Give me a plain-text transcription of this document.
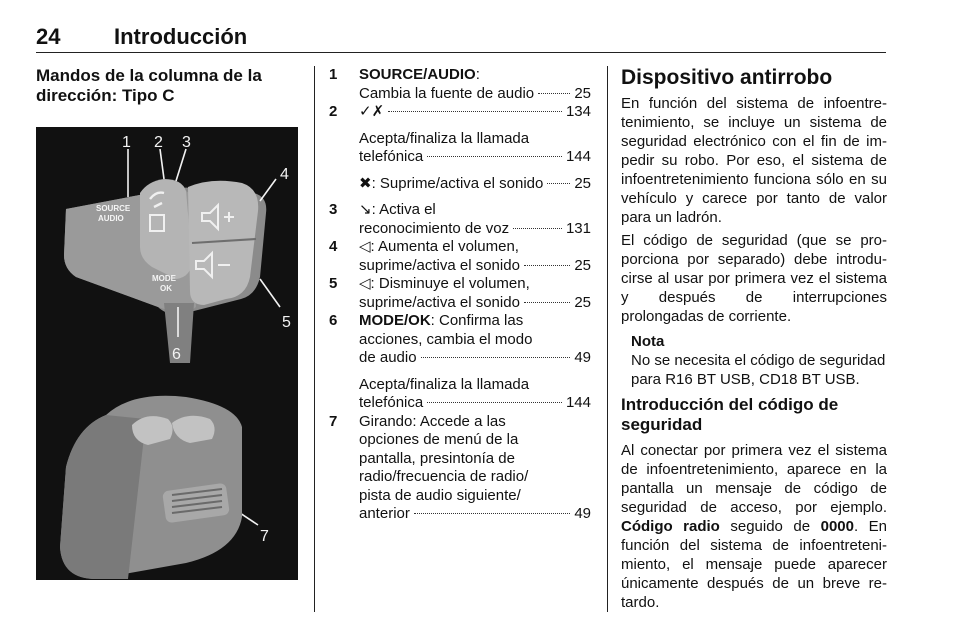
24 Introducción
Mandos de la columna de la dirección: Tipo C
SOURCE
AUDIO
MODE
OK
1 2 3
4
5
6
7
1	SOURCE/AUDIO:
Cambia la fuente de audio	25
2	✓✗	134
Acepta/finaliza la llamada
telefónica	144
✖: Suprime/activa el sonido 25
3	↘: Activa el
reconocimiento de voz	131
4	◁: Aumenta el volumen,
suprime/activa el sonido	25
5	◁: Disminuye el volumen,
suprime/activa el sonido	25
6	MODE/OK: Confirma las
acciones, cambia el modo
de audio	49
Acepta/finaliza la llamada
telefónica	144
7	Girando: Accede a las
opciones de menú de la
pantalla, presintonía de
radio/frecuencia de radio/
pista de audio siguiente/
anterior	49
Dispositivo antirrobo

En función del sistema de infoentretenimiento, se incluye un sistema de seguridad electrónico con el fin de impedir su robo. Por eso, el sistema de infoentretenimiento funciona sólo en su vehículo y carece por tanto de valor para un ladrón.

El código de seguridad (que se proporciona por separado) debe introducirse al usar por primera vez el sistema y después de interrupciones prolongadas de corriente.

Nota
No se necesita el código de seguridad para R16 BT USB, CD18 BT USB.
Introducción del código de seguridad

Al conectar por primera vez el sistema de infoentretenimiento, aparece en la pantalla un mensaje de código de seguridad de acceso, por ejemplo. Código radio seguido de 0000. En función del sistema de infoentretenimiento, el mensaje puede aparecer únicamente después de un breve retardo.
